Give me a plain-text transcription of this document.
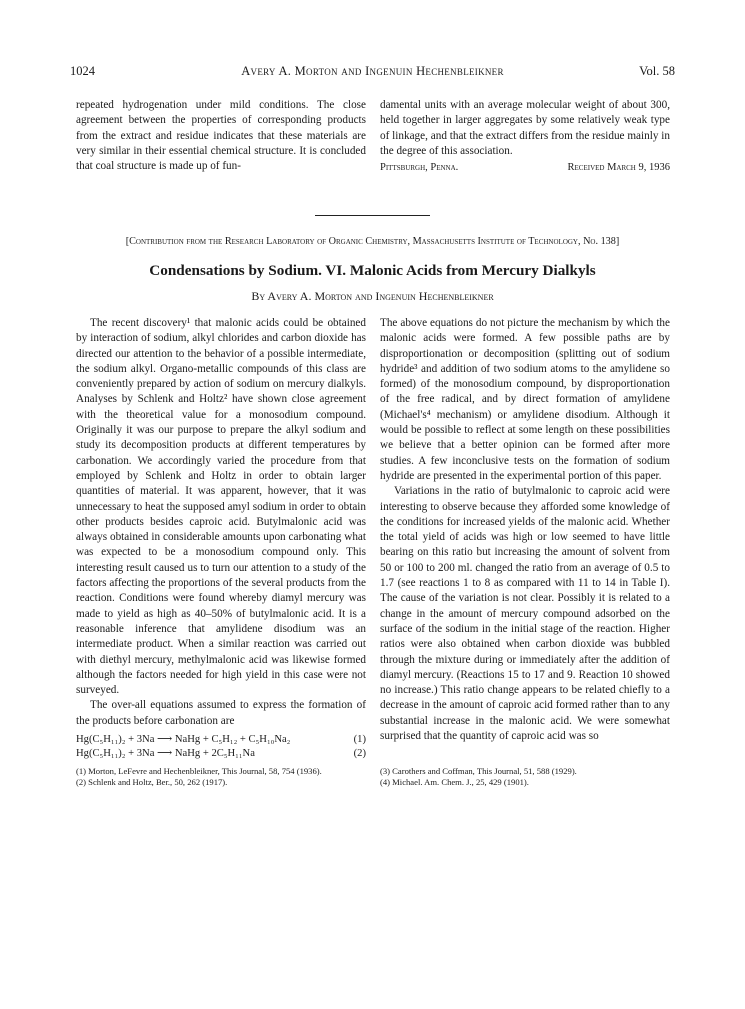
1024	Avery A. Morton and Ingenuin Hechenbleikner	Vol. 58

repeated hydrogenation under mild conditions. The close agreement between the properties of corresponding products from the extract and residue indicates that these materials are very similar in their essential chemical structure. It is concluded that coal structure is made up of fun-

damental units with an average molecular weight of about 300, held together in larger aggregates by some relatively weak type of linkage, and that the extract differs from the residue mainly in the degree of this association.

Pittsburgh, Penna.	Received March 9, 1936
[Contribution from the Research Laboratory of Organic Chemistry, Massachusetts Institute of Technology, No. 138]
Condensations by Sodium. VI. Malonic Acids from Mercury Dialkyls
By Avery A. Morton and Ingenuin Hechenbleikner

The recent discovery¹ that malonic acids could be obtained by interaction of sodium, alkyl chlorides and carbon dioxide has directed our attention to the behavior of a possible intermediate, the sodium alkyl. Organo-metallic compounds of this class are conveniently prepared by action of sodium on mercury dialkyls. Analyses by Schlenk and Holtz² have shown close agreement with the theoretical value for a monosodium compound. Originally it was our purpose to prepare the alkyl sodium and study its decomposition products at different temperatures by carbonation. We accordingly varied the procedure from that employed by Schlenk and Holtz in order to obtain larger quantities of material. It was apparent, however, that it was unnecessary to heat the supposed amyl sodium in order to obtain other products besides caproic acid. Butylmalonic acid was always obtained in considerable amounts upon carbonating what was expected to be a monosodium compound only. This interesting result caused us to turn our attention to a study of the factors affecting the proportions of the several products from the reaction. Conditions were found whereby diamyl mercury was made to yield as high as 40–50% of butylmalonic acid. It is a reasonable inference that amylidene disodium was an intermediate product. When a similar reaction was carried out with diethyl mercury, methylmalonic acid was likewise formed although the factors needed for high yield in this case were not surveyed.

The over-all equations assumed to express the formation of the products before carbonation are

The above equations do not picture the mechanism by which the malonic acids were formed. A few possible paths are by disproportionation or decomposition (splitting out of sodium hydride³ and addition of two sodium atoms to the amylidene so formed) of the monosodium compound, by disproportionation of the free radical, and by direct formation of amylidene (Michael's⁴ mechanism) or amylidene disodium. Although it would be possible to reflect at some length on these possibilities we believe that a better opinion can be formed after more studies. A few inconclusive tests on the formation of sodium hydride are presented in the experimental portion of this paper.

Variations in the ratio of butylmalonic to caproic acid were interesting to observe because they afforded some knowledge of the conditions for increased yields of the malonic acid. Whether the total yield of acids was high or low seemed to have little bearing on this ratio but increasing the amount of solvent from 50 or 100 to 200 ml. changed the ratio from an average of 0.5 to 1.7 (see reactions 1 to 8 as compared with 11 to 14 in Table I). The cause of the variation is not clear. Possibly it is related to a change in the amount of mercury compound adsorbed on the surface of the sodium in the initial stage of the reaction. Higher ratios were also obtained when carbon dioxide was bubbled through the mixture during or immediately after the addition of diamyl mercury. (Reactions 15 to 17 and 9. Reaction 10 showed no increase.) This ratio change appears to be related chiefly to a decrease in the amount of caproic acid formed rather than to any substantial increase in the malonic acid. We were somewhat surprised that the quantity of caproic acid was so

Hg(C₅H₁₁)₂ + 3Na ⟶ NaHg + C₅H₁₂ + C₅H₁₀Na₂	(1)
Hg(C₅H₁₁)₂ + 3Na ⟶ NaHg + 2C₅H₁₁Na	(2)

(1) Morton, LeFevre and Hechenbleikner, This Journal, 58, 754 (1936).

(2) Schlenk and Holtz, Ber., 50, 262 (1917).

(3) Carothers and Coffman, This Journal, 51, 588 (1929).

(4) Michael. Am. Chem. J., 25, 429 (1901).
